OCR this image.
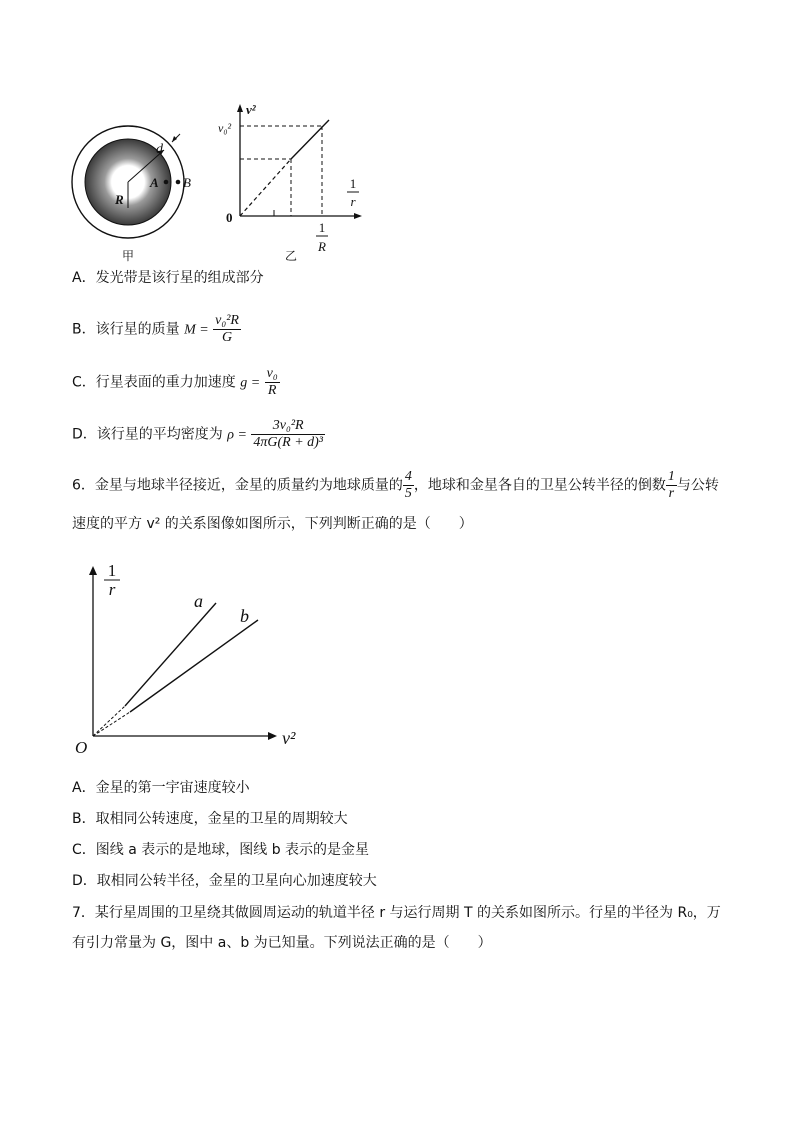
d
A B
R
甲
v²
v₀²
0
1
r
1
R
乙
A．发光带是该行星的组成部分
B．该行星的质量 $M = \frac{\text{v₀²R}}{G}$
C．行星表面的重力加速度 $g = \frac{\text{v₀}}{R}$
D．该行星的平均密度为 $\rho = \frac{\text{3v₀²R}}{\text{4πG(R + d)³}}$
6．金星与地球半径接近，金星的质量约为地球质量的 $\frac{4}{5}$ ，地球和金星各自的卫星公转半径的倒数 $\frac{1}{r}$ 与公转
速度的平方 v² 的关系图像如图所示，下列判断正确的是（　　）
1
r
a
b
O	v²
A．金星的第一宇宙速度较小
B．取相同公转速度，金星的卫星的周期较大
C．图线 a 表示的是地球，图线 b 表示的是金星
D．取相同公转半径，金星的卫星向心加速度较大
7．某行星周围的卫星绕其做圆周运动的轨道半径 r 与运行周期 T 的关系如图所示。行星的半径为 R₀，万
有引力常量为 G，图中 a、b 为已知量。下列说法正确的是（　　）
